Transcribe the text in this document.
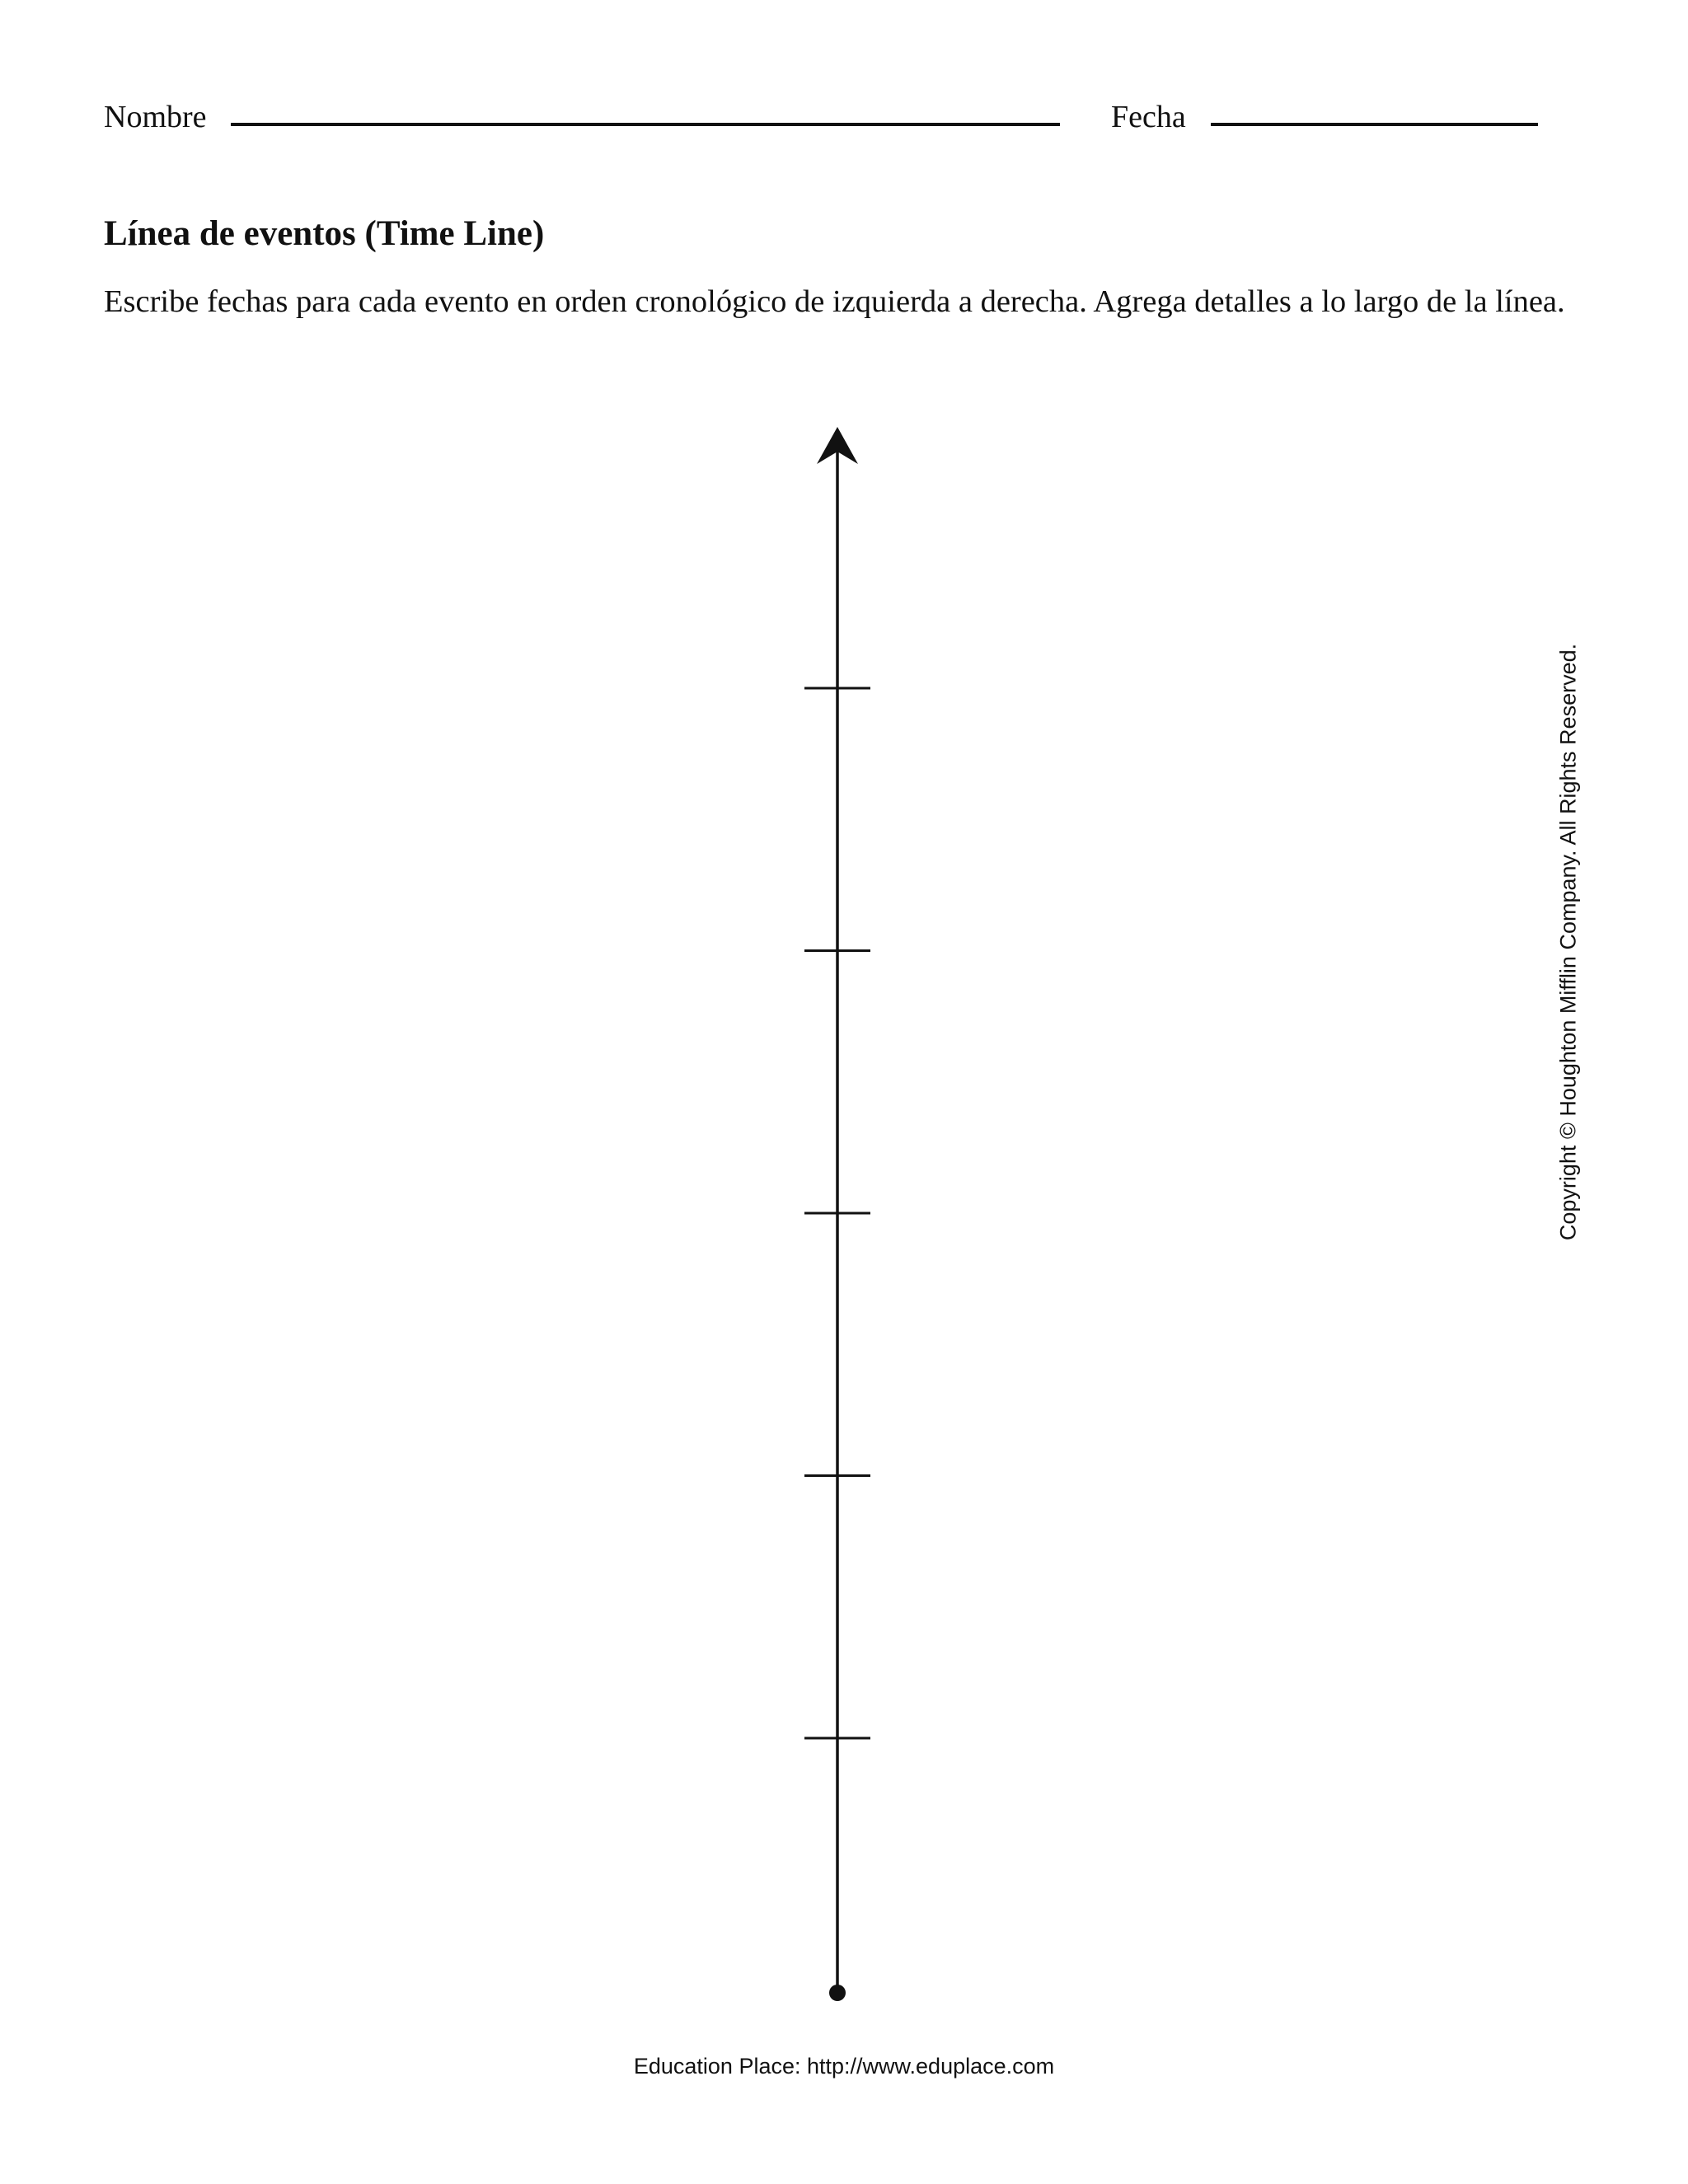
Nombre	Fecha
Línea de eventos (Time Line)

Escribe fechas para cada evento en orden cronológico de izquierda a derecha. Agrega detalles a lo largo de la línea.

Copyright © Houghton Mifflin Company. All Rights Reserved.
Education Place: http://www.eduplace.com
